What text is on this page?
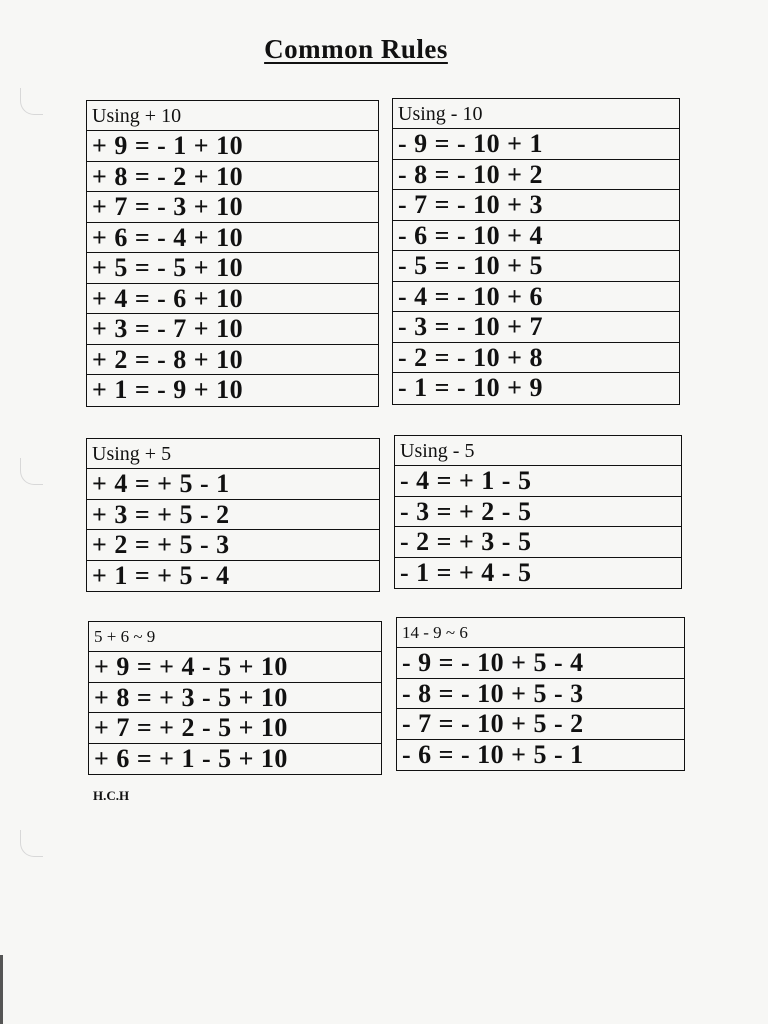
Common Rules
Using + 10
+ 9 = - 1 + 10
+ 8 = - 2 + 10
+ 7 = - 3 + 10
+ 6 = - 4 + 10
+ 5 = - 5 + 10
+ 4 = - 6 + 10
+ 3 = - 7 + 10
+ 2 = - 8 + 10
+ 1 = - 9 + 10
Using - 10
- 9 = - 10 + 1
- 8 = - 10 + 2
- 7 = - 10 + 3
- 6 = - 10 + 4
- 5 = - 10 + 5
- 4 = - 10 + 6
- 3 = - 10 + 7
- 2 = - 10 + 8
- 1 = - 10 + 9
Using + 5
+ 4 = + 5 - 1
+ 3 = + 5 - 2
+ 2 = + 5 - 3
+ 1 = + 5 - 4
Using - 5
- 4 = + 1 - 5
- 3 = + 2 - 5
- 2 = + 3 - 5
- 1 = + 4 - 5
5 + 6 ~ 9
+ 9 = + 4 - 5 + 10
+ 8 = + 3 - 5 + 10
+ 7 = + 2 - 5 + 10
+ 6 = + 1 - 5 + 10
14 - 9 ~ 6
- 9 = - 10 + 5 - 4
- 8 = - 10 + 5 - 3
- 7 = - 10 + 5 - 2
- 6 = - 10 + 5 - 1
H.C.H
